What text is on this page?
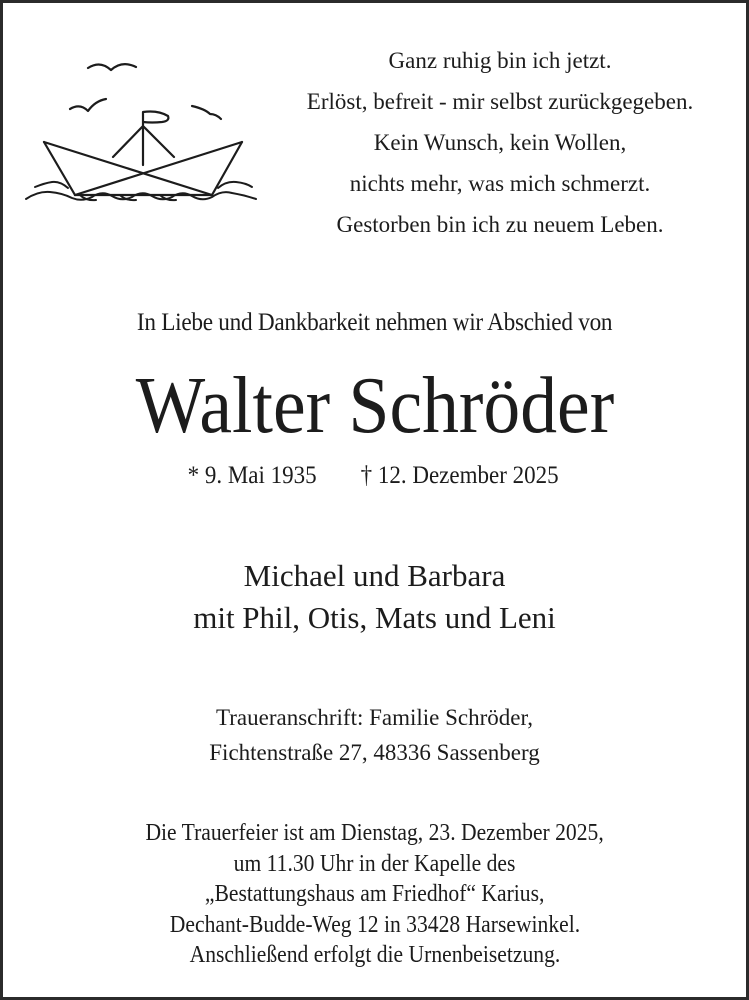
Ganz ruhig bin ich jetzt.
Erlöst, befreit - mir selbst zurückgegeben.
Kein Wunsch, kein Wollen,
nichts mehr, was mich schmerzt.
Gestorben bin ich zu neuem Leben.
In Liebe und Dankbarkeit nehmen wir Abschied von
Walter Schröder
* 9. Mai 1935 † 12. Dezember 2025
Michael und Barbara
mit Phil, Otis, Mats und Leni
Traueranschrift: Familie Schröder,
Fichtenstraße 27, 48336 Sassenberg
Die Trauerfeier ist am Dienstag, 23. Dezember 2025,
um 11.30 Uhr in der Kapelle des
„Bestattungshaus am Friedhof“ Karius,
Dechant-Budde-Weg 12 in 33428 Harsewinkel.
Anschließend erfolgt die Urnenbeisetzung.
